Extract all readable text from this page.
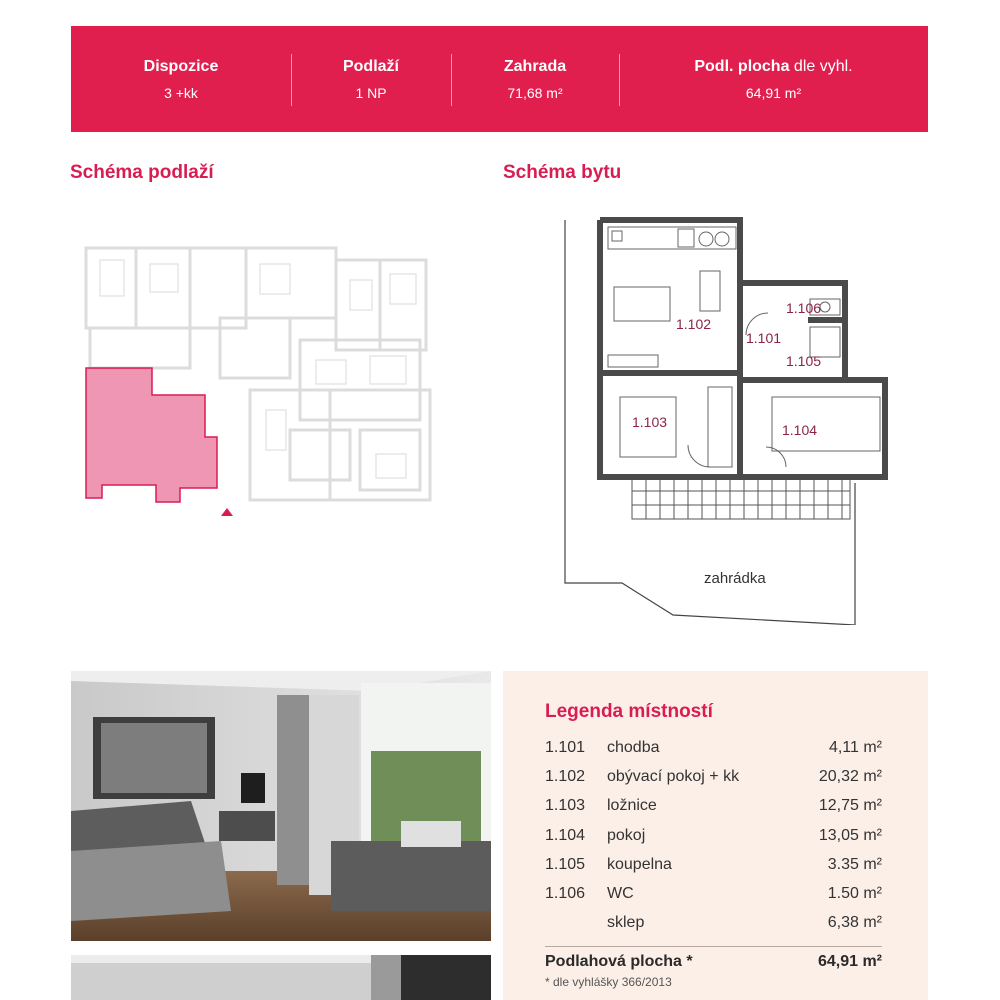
Dispozice
3 +kk
Podlaží
1 NP
Zahrada
71,68 m²
Podl. plocha dle vyhl.
64,91 m²
Schéma podlaží	Schéma bytu
1.102
1.101
1.106
1.105
1.103	1.104
zahrádka
Legenda místností
1.101	chodba	4,11 m²
1.102	obývací pokoj + kk	20,32 m²
1.103	ložnice	12,75 m²
1.104	pokoj	13,05 m²
1.105	koupelna	3.35 m²
1.106	WC	1.50 m²
sklep	6,38 m²
Podlahová plocha *	64,91 m²
* dle vyhlášky 366/2013
